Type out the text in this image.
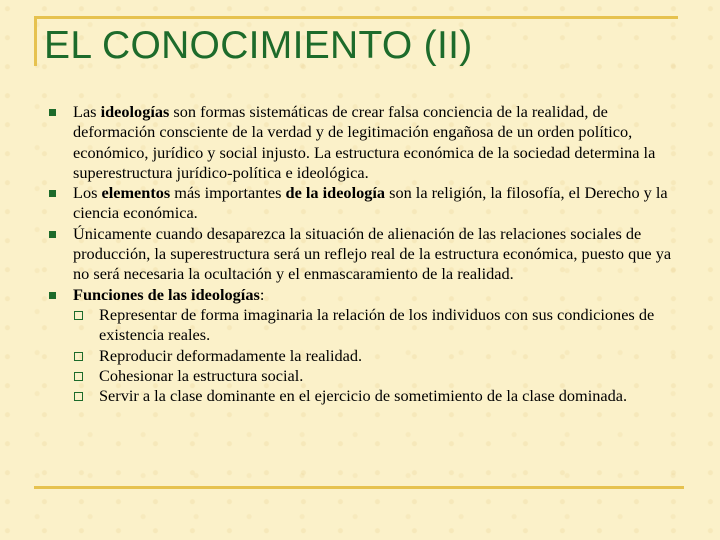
EL CONOCIMIENTO (II)
Las ideologías son formas sistemáticas de crear falsa conciencia de la realidad, de deformación consciente de la verdad y de legitimación engañosa de un orden político, económico, jurídico y social injusto. La estructura económica de la sociedad determina la superestructura jurídico-política e ideológica.
Los elementos más importantes de la ideología son la religión, la filosofía, el Derecho y la ciencia económica.
Únicamente cuando desaparezca la situación de alienación de las relaciones sociales de producción, la superestructura será un reflejo real de la estructura económica, puesto que ya no será necesaria la ocultación y el enmascaramiento de la realidad.
Funciones de las ideologías:
Representar de forma imaginaria la relación de los individuos con sus condiciones de existencia reales.
Reproducir deformadamente la realidad.
Cohesionar la estructura social.
Servir a la clase dominante en el ejercicio de sometimiento de la clase dominada.
